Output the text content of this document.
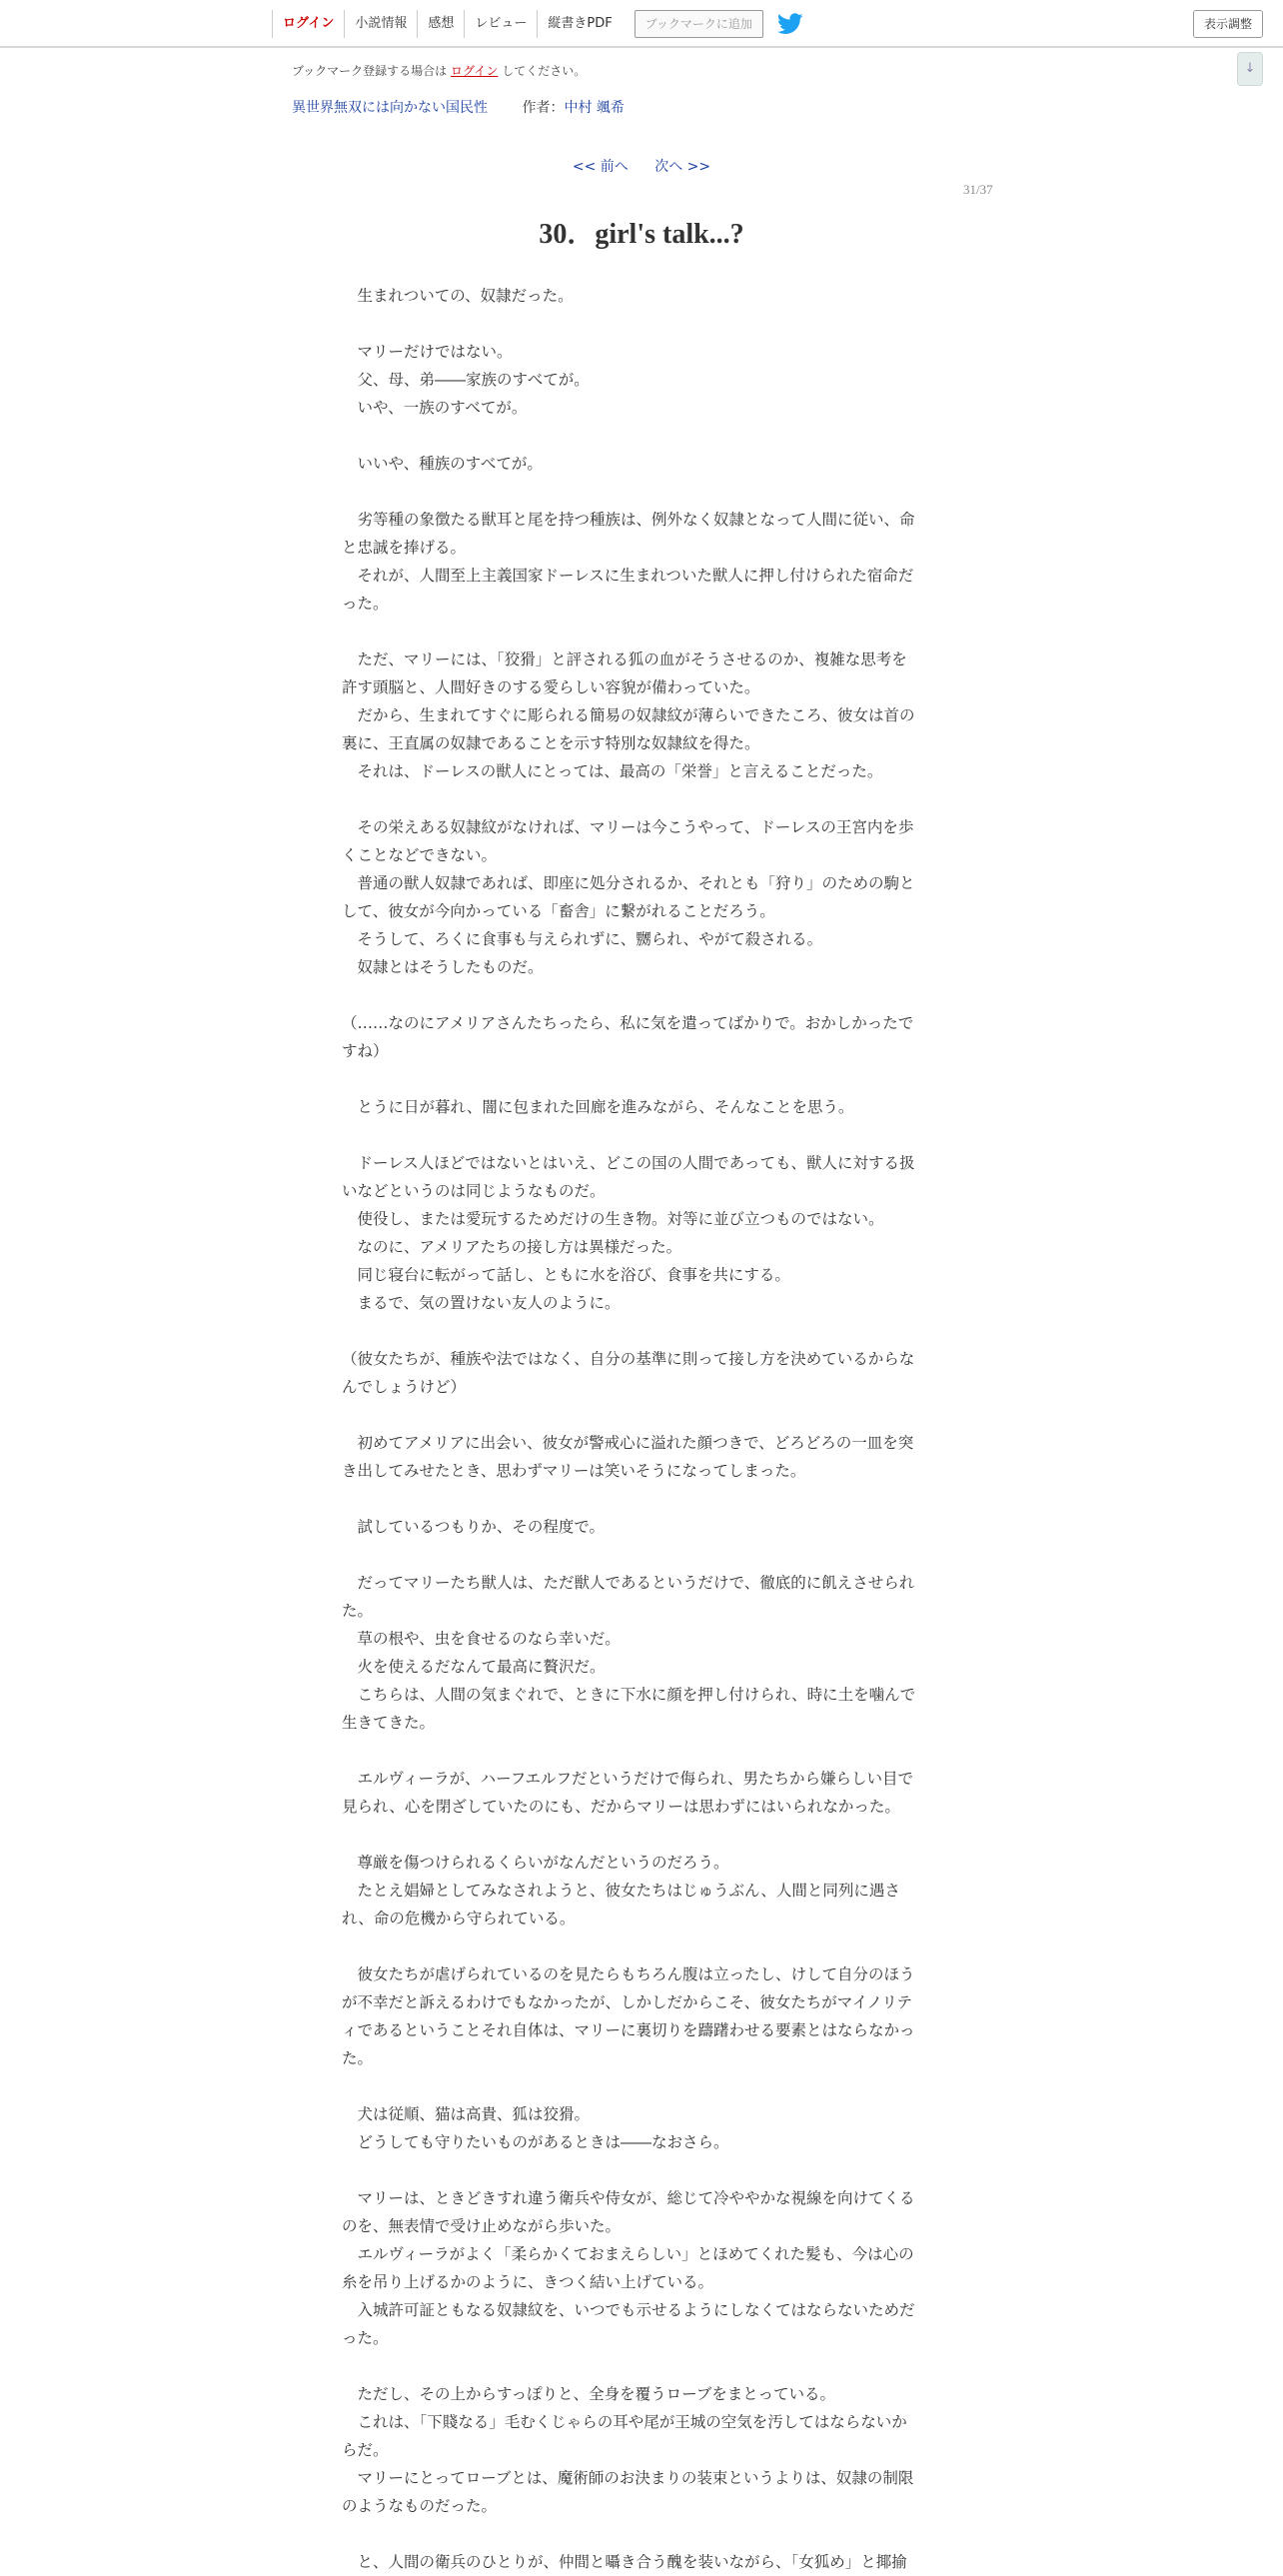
ログイン	小説情報	感想	レビュー	縦書きPDF	ブックマークに追加	表示調整
↓
ブックマーク登録する場合は ログイン してください。
異世界無双には向かない国民性 作者：中村 颯希
<< 前へ 次へ >>
31/37
30．girl's talk...?

　生まれついての、奴隷だった。

　マリーだけではない。

　父、母、弟――家族のすべてが。

　いや、一族のすべてが。

　いいや、種族のすべてが。

　劣等種の象徴たる獣耳と尾を持つ種族は、例外なく奴隷となって人間に従い、命

と忠誠を捧げる。

　それが、人間至上主義国家ドーレスに生まれついた獣人に押し付けられた宿命だ

った。

　ただ、マリーには、「狡猾」と評される狐の血がそうさせるのか、複雑な思考を

許す頭脳と、人間好きのする愛らしい容貌が備わっていた。

　だから、生まれてすぐに彫られる簡易の奴隷紋が薄らいできたころ、彼女は首の

裏に、王直属の奴隷であることを示す特別な奴隷紋を得た。

　それは、ドーレスの獣人にとっては、最高の「栄誉」と言えることだった。

　その栄えある奴隷紋がなければ、マリーは今こうやって、ドーレスの王宮内を歩

くことなどできない。

　普通の獣人奴隷であれば、即座に処分されるか、それとも「狩り」のための駒と

して、彼女が今向かっている「畜舎」に繋がれることだろう。

　そうして、ろくに食事も与えられずに、嬲られ、やがて殺される。

　奴隷とはそうしたものだ。

（……なのにアメリアさんたちったら、私に気を遣ってばかりで。おかしかったで

すね）

　とうに日が暮れ、闇に包まれた回廊を進みながら、そんなことを思う。

　ドーレス人ほどではないとはいえ、どこの国の人間であっても、獣人に対する扱

いなどというのは同じようなものだ。

　使役し、または愛玩するためだけの生き物。対等に並び立つものではない。

　なのに、アメリアたちの接し方は異様だった。

　同じ寝台に転がって話し、ともに水を浴び、食事を共にする。

　まるで、気の置けない友人のように。

（彼女たちが、種族や法ではなく、自分の基準に則って接し方を決めているからな

んでしょうけど）

　初めてアメリアに出会い、彼女が警戒心に溢れた顔つきで、どろどろの一皿を突

き出してみせたとき、思わずマリーは笑いそうになってしまった。

　試しているつもりか、その程度で。

　だってマリーたち獣人は、ただ獣人であるというだけで、徹底的に飢えさせられ

た。

　草の根や、虫を食せるのなら幸いだ。

　火を使えるだなんて最高に贅沢だ。

　こちらは、人間の気まぐれで、ときに下水に顔を押し付けられ、時に土を噛んで

生きてきた。

　エルヴィーラが、ハーフエルフだというだけで侮られ、男たちから嫌らしい目で

見られ、心を閉ざしていたのにも、だからマリーは思わずにはいられなかった。

　尊厳を傷つけられるくらいがなんだというのだろう。

　たとえ娼婦としてみなされようと、彼女たちはじゅうぶん、人間と同列に遇さ

れ、命の危機から守られている。

　彼女たちが虐げられているのを見たらもちろん腹は立ったし、けして自分のほう

が不幸だと訴えるわけでもなかったが、しかしだからこそ、彼女たちがマイノリテ

ィであるということそれ自体は、マリーに裏切りを躊躇わせる要素とはならなかっ

た。

　犬は従順、猫は高貴、狐は狡猾。

　どうしても守りたいものがあるときは――なおさら。

　マリーは、ときどきすれ違う衛兵や侍女が、総じて冷ややかな視線を向けてくる

のを、無表情で受け止めながら歩いた。

　エルヴィーラがよく「柔らかくておまえらしい」とほめてくれた髪も、今は心の

糸を吊り上げるかのように、きつく結い上げている。

　入城許可証ともなる奴隷紋を、いつでも示せるようにしなくてはならないためだ

った。

　ただし、その上からすっぽりと、全身を覆うローブをまとっている。

　これは、「下賤なる」毛むくじゃらの耳や尾が王城の空気を汚してはならないか

らだ。

　マリーにとってローブとは、魔術師のお決まりの装束というよりは、奴隷の制限

のようなものだった。

　と、人間の衛兵のひとりが、仲間と囁き合う醜を装いながら、「女狐め」と揶揄
